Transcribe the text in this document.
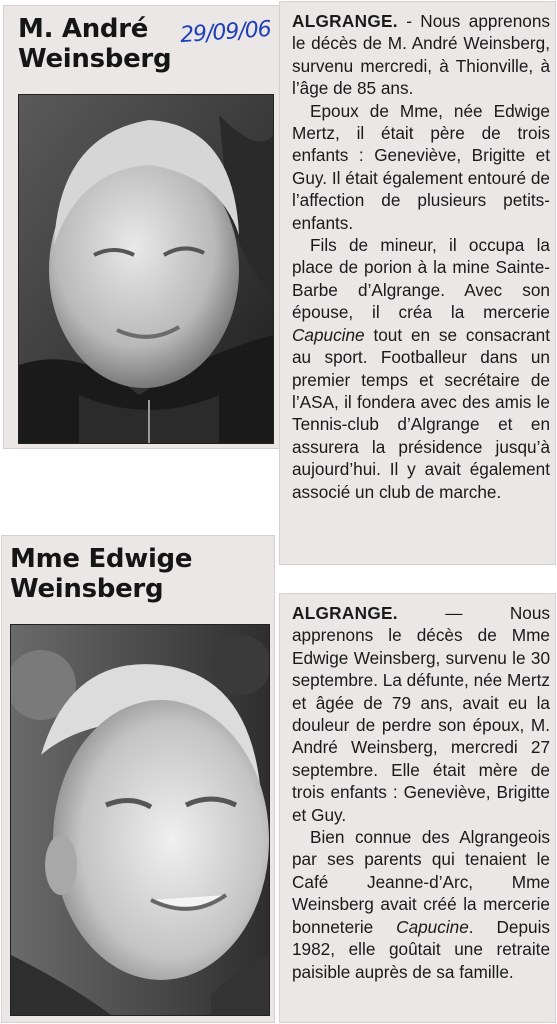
M. André
Weinsberg
29/09/06 ALGRANGE. - Nous apprenons le décès de M. André Weinsberg, survenu mercredi, à Thionville, à l’âge de 85 ans.

Epoux de Mme, née Edwige Mertz, il était père de trois enfants : Geneviève, Brigitte et Guy. Il était également entouré de l’affection de plusieurs petits-enfants.

Fils de mineur, il occupa la place de porion à la mine Sainte-Barbe d’Algrange. Avec son épouse, il créa la mercerie Capucine tout en se consacrant au sport. Footballeur dans un premier temps et secrétaire de l’ASA, il fondera avec des amis le Tennis-club d’Algrange et en assurera la présidence jusqu’à aujourd’hui. Il y avait également associé un club de marche.

Mme Edwige
Weinsberg

ALGRANGE. — Nous apprenons le décès de Mme Edwige Weinsberg, survenu le 30 septembre. La défunte, née Mertz et âgée de 79 ans, avait eu la douleur de perdre son époux, M. André Weinsberg, mercredi 27 septembre. Elle était mère de trois enfants : Geneviève, Brigitte et Guy.

Bien connue des Algrangeois par ses parents qui tenaient le Café Jeanne-d’Arc, Mme Weinsberg avait créé la mercerie bonneterie Capucine. Depuis 1982, elle goûtait une retraite paisible auprès de sa famille.
